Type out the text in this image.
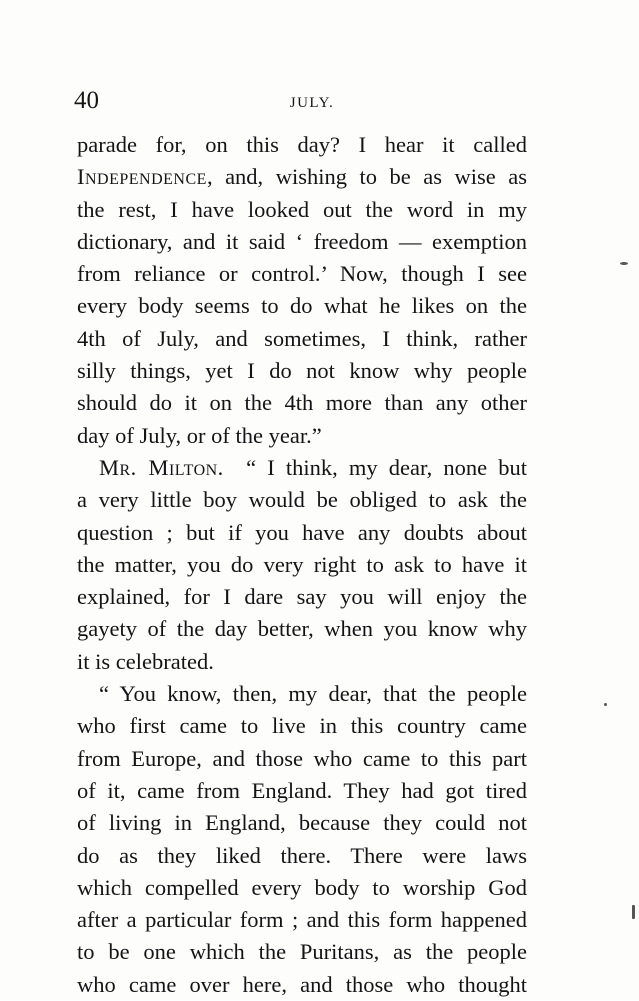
40	JULY.
parade for, on this day? I hear it called
Independence, and, wishing to be as wise as
the rest, I have looked out the word in my
dictionary, and it said ‘ freedom — exemption
from reliance or control.’ Now, though I see
every body seems to do what he likes on the
4th of July, and sometimes, I think, rather
silly things, yet I do not know why people
should do it on the 4th more than any other
day of July, or of the year.”
Mr. Milton. “ I think, my dear, none but
a very little boy would be obliged to ask the
question ; but if you have any doubts about
the matter, you do very right to ask to have it
explained, for I dare say you will enjoy the
gayety of the day better, when you know why
it is celebrated.
“ You know, then, my dear, that the people
who first came to live in this country came
from Europe, and those who came to this part
of it, came from England. They had got tired
of living in England, because they could not
do as they liked there. There were laws
which compelled every body to worship God
after a particular form ; and this form happened
to be one which the Puritans, as the people
who came over here, and those who thought
